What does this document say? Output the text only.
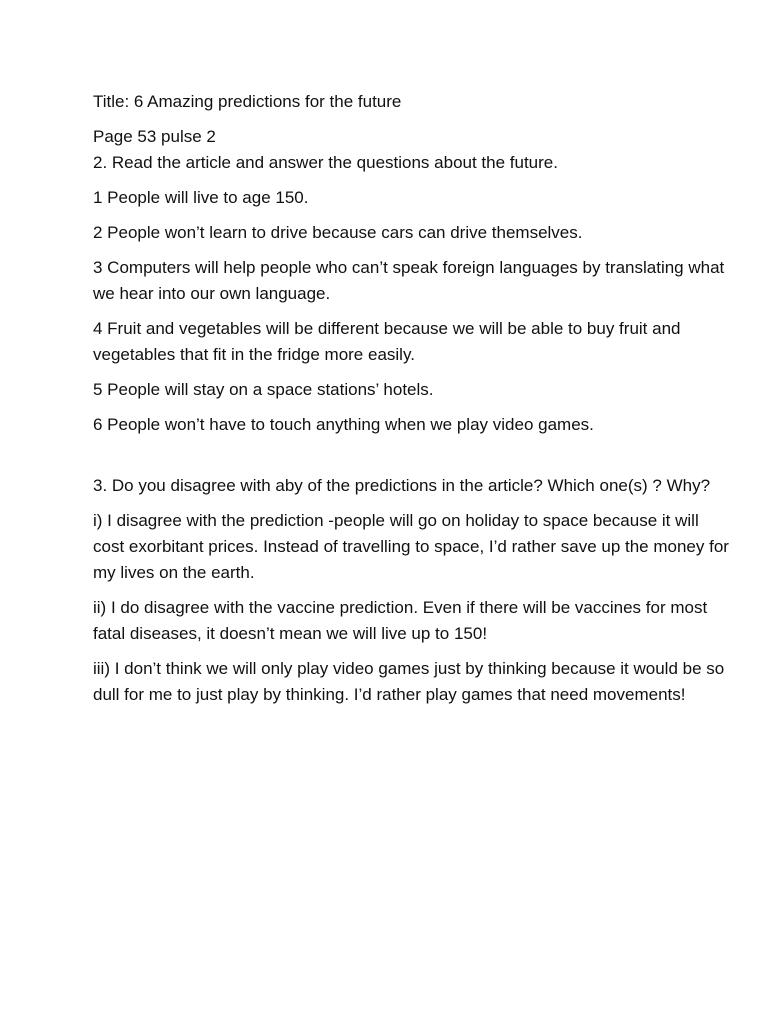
Title: 6 Amazing predictions for the future

Page 53 pulse 2

2. Read the article and answer the questions about the future.

1 People will live to age 150.

2 People won’t learn to drive because cars can drive themselves.

3 Computers will help people who can’t speak foreign languages by translating what we hear into our own language.

4 Fruit and vegetables will be different because we will be able to buy fruit and vegetables that fit in the fridge more easily.

5 People will stay on a space stations’ hotels.

6 People won’t have to touch anything when we play video games.

3. Do you disagree with aby of the predictions in the article? Which one(s) ? Why?

i) I disagree with the prediction -people will go on holiday to space because it will cost exorbitant prices. Instead of travelling to space, I’d rather save up the money for my lives on the earth.

ii) I do disagree with the vaccine prediction. Even if there will be vaccines for most fatal diseases, it doesn’t mean we will live up to 150!

iii) I don’t think we will only play video games just by thinking because it would be so dull for me to just play by thinking. I’d rather play games that need movements!
